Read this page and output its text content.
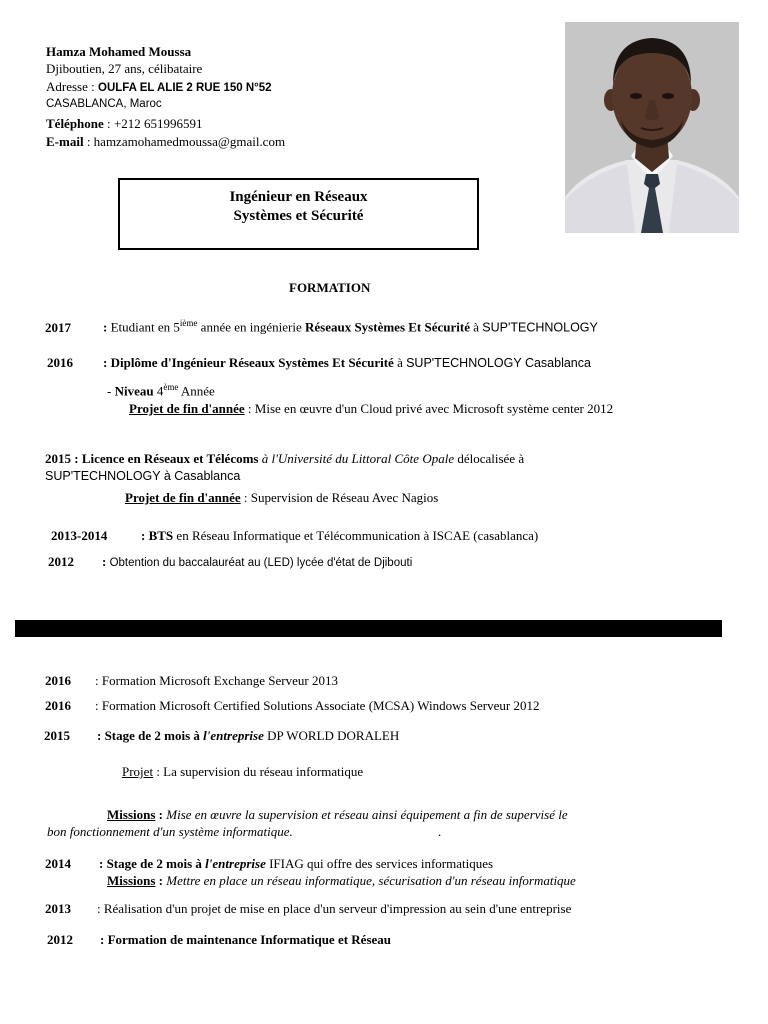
Hamza Mohamed Moussa
Djiboutien, 27 ans, célibataire
Adresse : OULFA EL ALIE 2 RUE 150 N°52
CASABLANCA, Maroc
Téléphone : +212 651996591
E-mail : hamzamohamedmoussa@gmail.com
Ingénieur en Réseaux
Systèmes et Sécurité
FORMATION
2017 : Etudiant en 5ième année en ingénierie Réseaux Systèmes Et Sécurité à SUP'TECHNOLOGY
2016 : Diplôme d'Ingénieur Réseaux Systèmes Et Sécurité à SUP'TECHNOLOGY Casablanca
- Niveau 4ème Année
Projet de fin d'année : Mise en œuvre d'un Cloud privé avec Microsoft système center 2012
2015 : Licence en Réseaux et Télécoms à l'Université du Littoral Côte Opale délocalisée à
SUP'TECHNOLOGY à Casablanca
Projet de fin d'année : Supervision de Réseau Avec Nagios
2013-2014	: BTS en Réseau Informatique et Télécommunication à ISCAE (casablanca)
2012 : Obtention du baccalauréat au (LED) lycée d'état de Djibouti
2016 : Formation Microsoft Exchange Serveur 2013
2016 : Formation Microsoft Certified Solutions Associate (MCSA) Windows Serveur 2012
2015 : Stage de 2 mois à l'entreprise DP WORLD DORALEH
Projet : La supervision du réseau informatique
Missions : Mise en œuvre la supervision et réseau ainsi équipement a fin de supervisé le
bon fonctionnement d'un système informatique.	.
2014 : Stage de 2 mois à l'entreprise IFIAG qui offre des services informatiques
Missions : Mettre en place un réseau informatique, sécurisation d'un réseau informatique
2013 : Réalisation d'un projet de mise en place d'un serveur d'impression au sein d'une entreprise
2012 : Formation de maintenance Informatique et Réseau
